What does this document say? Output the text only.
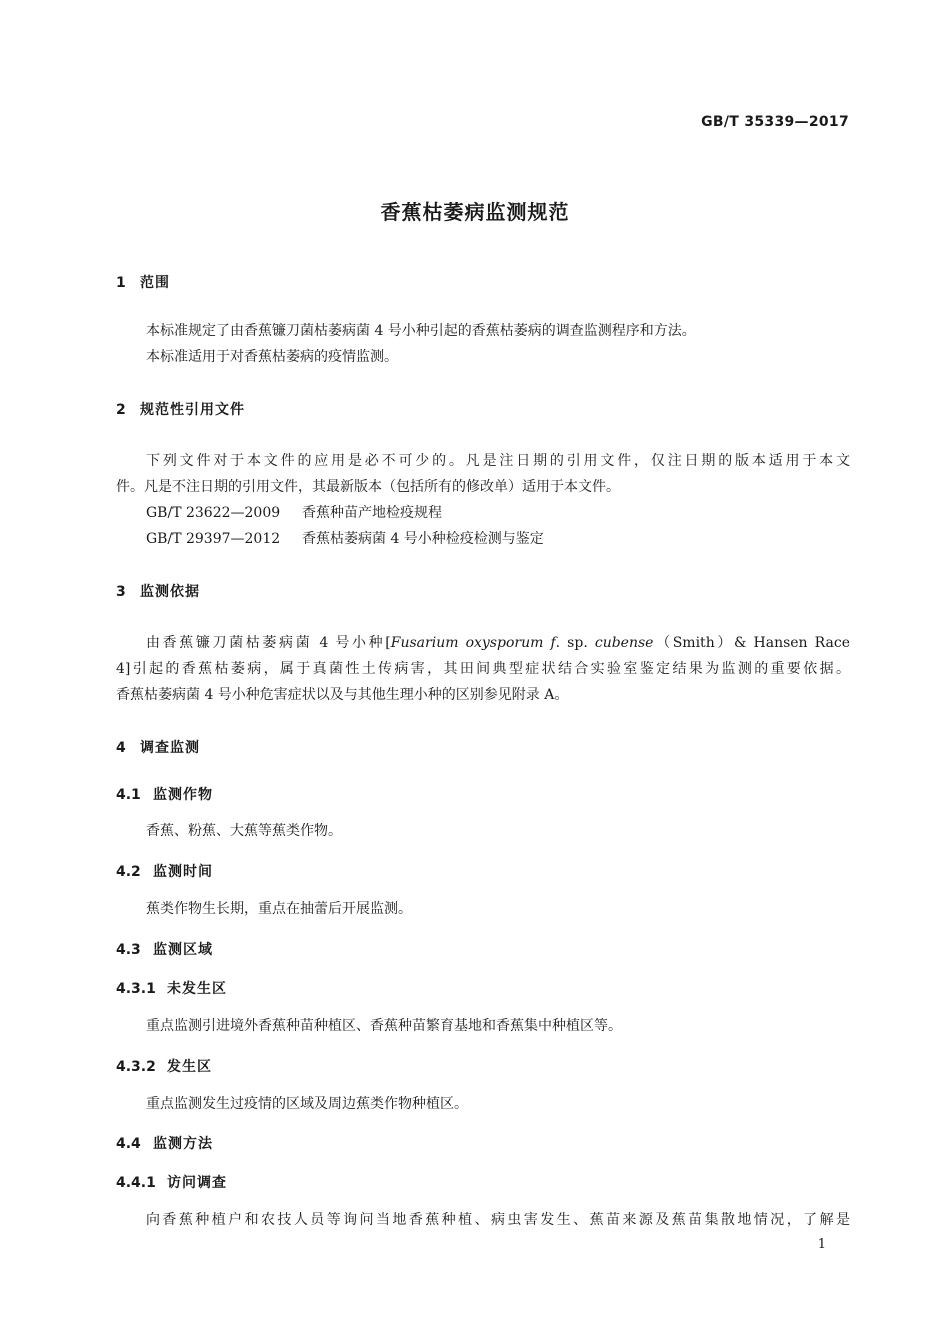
GB/T 35339—2017
香蕉枯萎病监测规范
1 范围
本标准规定了由香蕉镰刀菌枯萎病菌 4 号小种引起的香蕉枯萎病的调查监测程序和方法。
本标准适用于对香蕉枯萎病的疫情监测。
2 规范性引用文件
下列文件对于本文件的应用是必不可少的。凡是注日期的引用文件，仅注日期的版本适用于本文
件。凡是不注日期的引用文件，其最新版本（包括所有的修改单）适用于本文件。
GB/T 23622—2009 香蕉种苗产地检疫规程
GB/T 29397—2012 香蕉枯萎病菌 4 号小种检疫检测与鉴定
3 监测依据
由香蕉镰刀菌枯萎病菌 4 号小种[Fusarium oxysporum f. sp. cubense（Smith）& Hansen Race
4]引起的香蕉枯萎病，属于真菌性土传病害，其田间典型症状结合实验室鉴定结果为监测的重要依据。
香蕉枯萎病菌 4 号小种危害症状以及与其他生理小种的区别参见附录 A。
4 调查监测
4.1 监测作物
香蕉、粉蕉、大蕉等蕉类作物。
4.2 监测时间
蕉类作物生长期，重点在抽蕾后开展监测。
4.3 监测区域
4.3.1 未发生区
重点监测引进境外香蕉种苗种植区、香蕉种苗繁育基地和香蕉集中种植区等。
4.3.2 发生区
重点监测发生过疫情的区域及周边蕉类作物种植区。
4.4 监测方法
4.4.1 访问调查
向香蕉种植户和农技人员等询问当地香蕉种植、病虫害发生、蕉苗来源及蕉苗集散地情况，了解是
1
